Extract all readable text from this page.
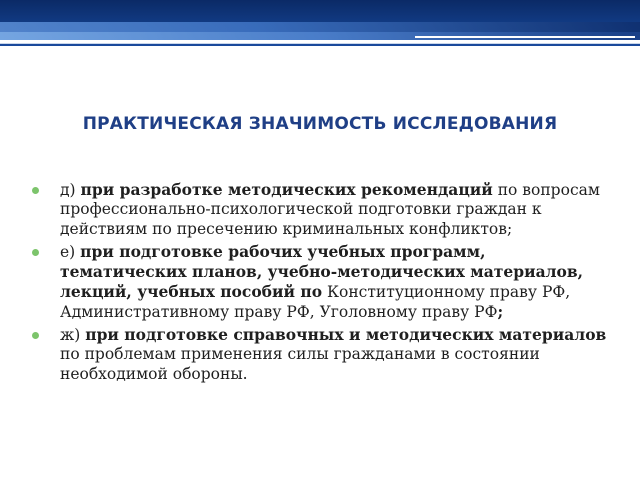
ПРАКТИЧЕСКАЯ ЗНАЧИМОСТЬ ИССЛЕДОВАНИЯ
д) при разработке методических рекомендаций по вопросам профессионально-психологической подготовки граждан к действиям по пресечению криминальных конфликтов;
е) при подготовке рабочих учебных программ, тематических планов, учебно-методических материалов, лекций, учебных пособий по Конституционному праву РФ, Административному праву РФ, Уголовному праву РФ;
ж) при подготовке справочных и методических материалов по проблемам применения силы гражданами в состоянии необходимой обороны.
